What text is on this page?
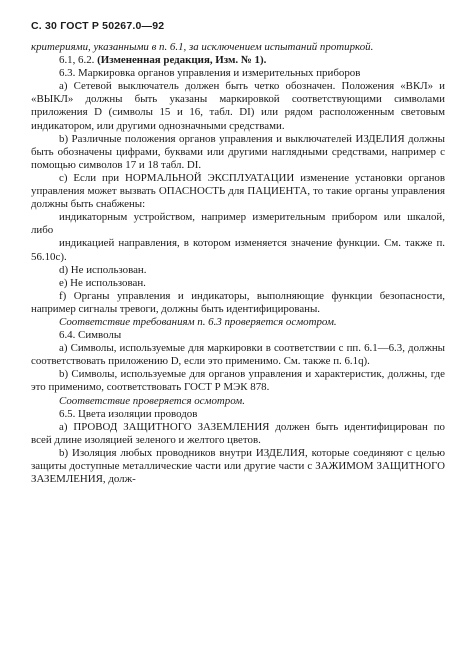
С. 30 ГОСТ Р 50267.0—92

критериями, указанными в п. 6.1, за исключением испытаний протиркой.

6.1, 6.2. (Измененная редакция, Изм. № 1).

6.3. Маркировка органов управления и измерительных приборов

а) Сетевой выключатель должен быть четко обозначен. Положения «ВКЛ» и «ВЫКЛ» должны быть указаны маркировкой соответствующими символами приложения D (символы 15 и 16, табл. DI) или рядом расположенным световым индикатором, или другими однозначными средствами.

b) Различные положения органов управления и выключателей ИЗДЕЛИЯ должны быть обозначены цифрами, буквами или другими наглядными средствами, например с помощью символов 17 и 18 табл. DI.

с) Если при НОРМАЛЬНОЙ ЭКСПЛУАТАЦИИ изменение установки органов управления может вызвать ОПАСНОСТЬ для ПАЦИЕНТА, то такие органы управления должны быть снабжены:

индикаторным устройством, например измерительным прибором или шкалой, либо

индикацией направления, в котором изменяется значение функции. См. также п. 56.10с).

d) Не использован.

е) Не использован.

f) Органы управления и индикаторы, выполняющие функции безопасности, например сигналы тревоги, должны быть идентифицированы.

Соответствие требованиям п. 6.3 проверяется осмотром.

6.4. Символы

а) Символы, используемые для маркировки в соответствии с пп. 6.1—6.3, должны соответствовать приложению D, если это применимо. См. также п. 6.1q).

b) Символы, используемые для органов управления и характеристик, должны, где это применимо, соответствовать ГОСТ Р МЭК 878.

Соответствие проверяется осмотром.

6.5. Цвета изоляции проводов

а) ПРОВОД ЗАЩИТНОГО ЗАЗЕМЛЕНИЯ должен быть идентифицирован по всей длине изоляцией зеленого и желтого цветов.

b) Изоляция любых проводников внутри ИЗДЕЛИЯ, которые соединяют с целью защиты доступные металлические части или другие части с ЗАЖИМОМ ЗАЩИТНОГО ЗАЗЕМЛЕНИЯ, долж-
